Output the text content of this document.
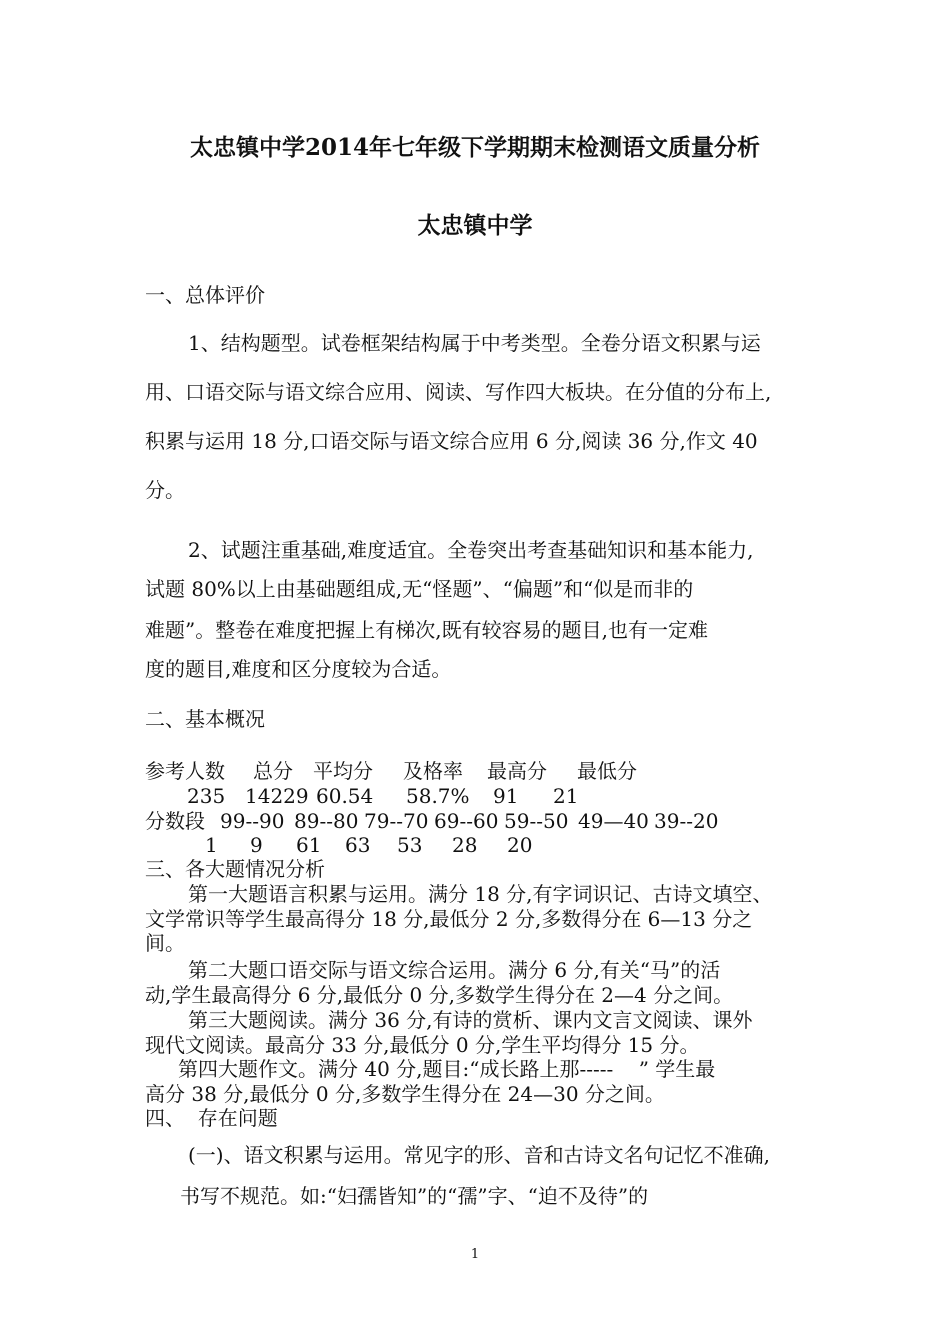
太忠镇中学2014年七年级下学期期末检测语文质量分析
太忠镇中学
一、总体评价
1、结构题型。试卷框架结构属于中考类型。全卷分语文积累与运
用、口语交际与语文综合应用、阅读、写作四大板块。在分值的分布上,
积累与运用 18 分,口语交际与语文综合应用 6 分,阅读 36 分,作文 40
分。
2、试题注重基础,难度适宜。全卷突出考查基础知识和基本能力,
试题 80%以上由基础题组成,无“怪题”、“偏题”和“似是而非的
难题”。整卷在难度把握上有梯次,既有较容易的题目,也有一定难
度的题目,难度和区分度较为合适。
二、基本概况
参考人数 总分 平均分 及格率 最高分 最低分
235 14229 60.54 58.7% 91 21
分数段 99--90 89--80 79--70 69--60 59--50 49—40 39--20
1 9 61 63 53 28 20
三、各大题情况分析
第一大题语言积累与运用。满分 18 分,有字词识记、古诗文填空、
文学常识等学生最高得分 18 分,最低分 2 分,多数得分在 6—13 分之
间。
第二大题口语交际与语文综合运用。满分 6 分,有关“马”的活
动,学生最高得分 6 分,最低分 0 分,多数学生得分在 2—4 分之间。
第三大题阅读。满分 36 分,有诗的赏析、课内文言文阅读、课外
现代文阅读。最高分 33 分,最低分 0 分,学生平均得分 15 分。
第四大题作文。满分 40 分,题目:“成长路上那-----    ” 学生最
高分 38 分,最低分 0 分,多数学生得分在 24—30 分之间。
四、  存在问题
(一)、语文积累与运用。常见字的形、音和古诗文名句记忆不准确,
书写不规范。如:“妇孺皆知”的“孺”字、“迫不及待”的
1
